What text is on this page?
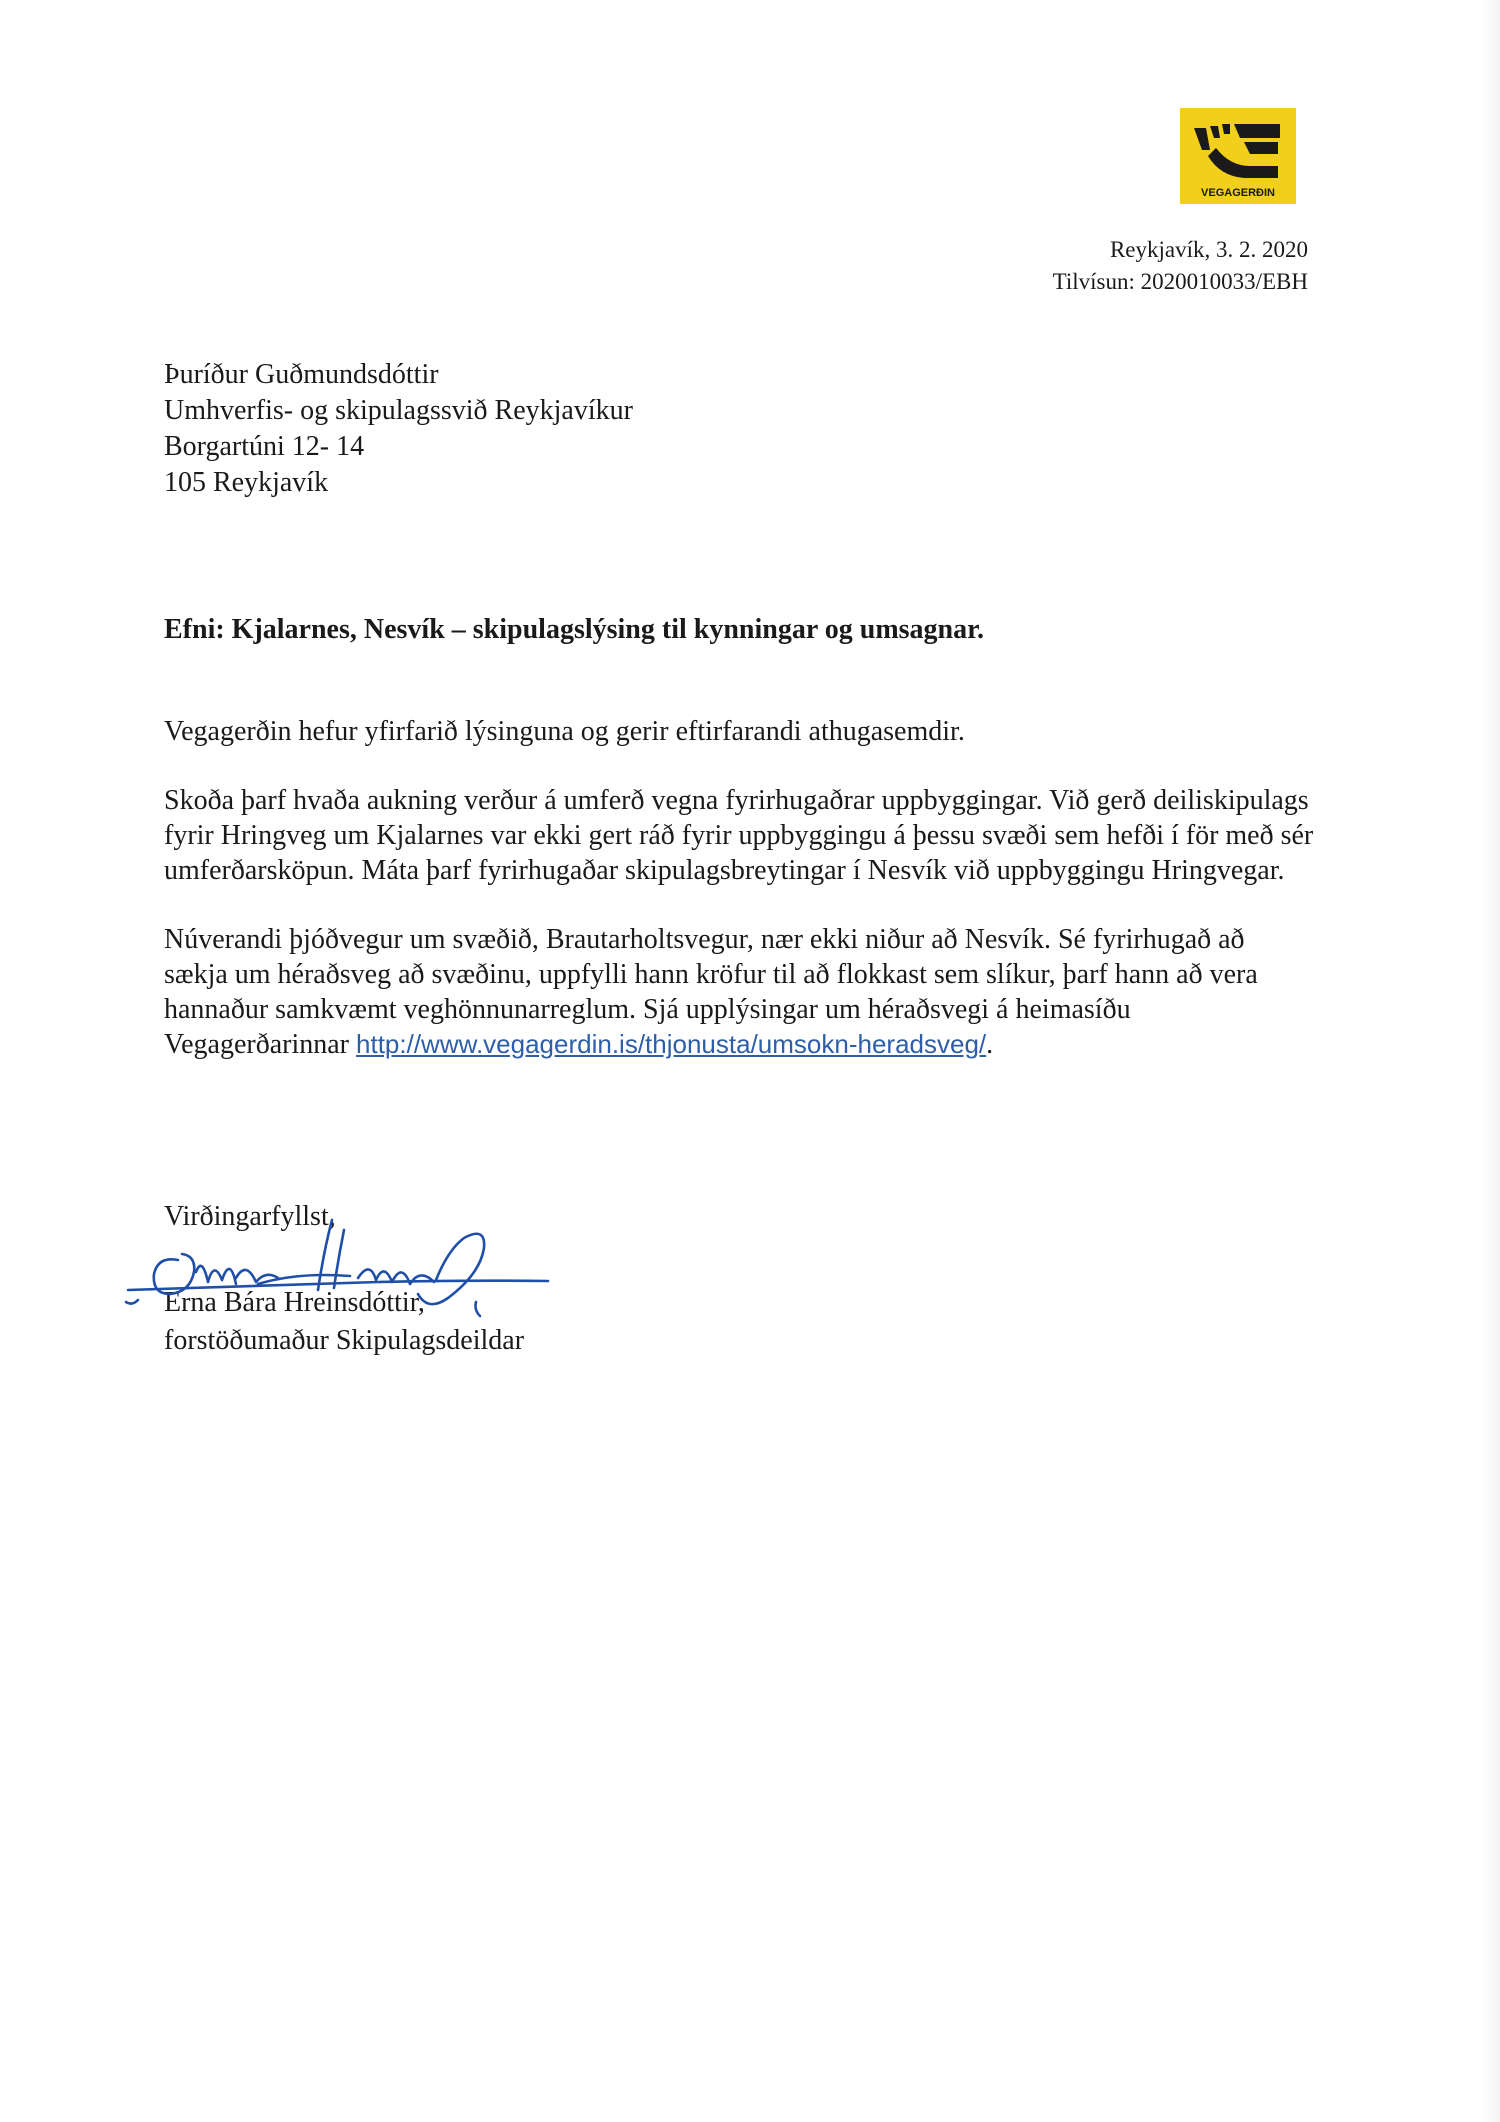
VEGAGERÐIN
Reykjavík, 3. 2. 2020
Tilvísun: 2020010033/EBH
Þuríður Guðmundsdóttir
Umhverfis- og skipulagssvið Reykjavíkur
Borgartúni 12- 14
105 Reykjavík
Efni: Kjalarnes, Nesvík – skipulagslýsing til kynningar og umsagnar.

Vegagerðin hefur yfirfarið lýsinguna og gerir eftirfarandi athugasemdir.

Skoða þarf hvaða aukning verður á umferð vegna fyrirhugaðrar uppbyggingar. Við gerð deiliskipulags fyrir Hringveg um Kjalarnes var ekki gert ráð fyrir uppbyggingu á þessu svæði sem hefði í för með sér umferðarsköpun. Máta þarf fyrirhugaðar skipulagsbreytingar í Nesvík við uppbyggingu Hringvegar.

Núverandi þjóðvegur um svæðið, Brautarholtsvegur, nær ekki niður að Nesvík. Sé fyrirhugað að sækja um héraðsveg að svæðinu, uppfylli hann kröfur til að flokkast sem slíkur, þarf hann að vera hannaður samkvæmt veghönnunarreglum. Sjá upplýsingar um héraðsvegi á heimasíðu Vegagerðarinnar http://www.vegagerdin.is/thjonusta/umsokn-heradsveg/.

Virðingarfyllst,
Erna Bára Hreinsdóttir,
forstöðumaður Skipulagsdeildar
